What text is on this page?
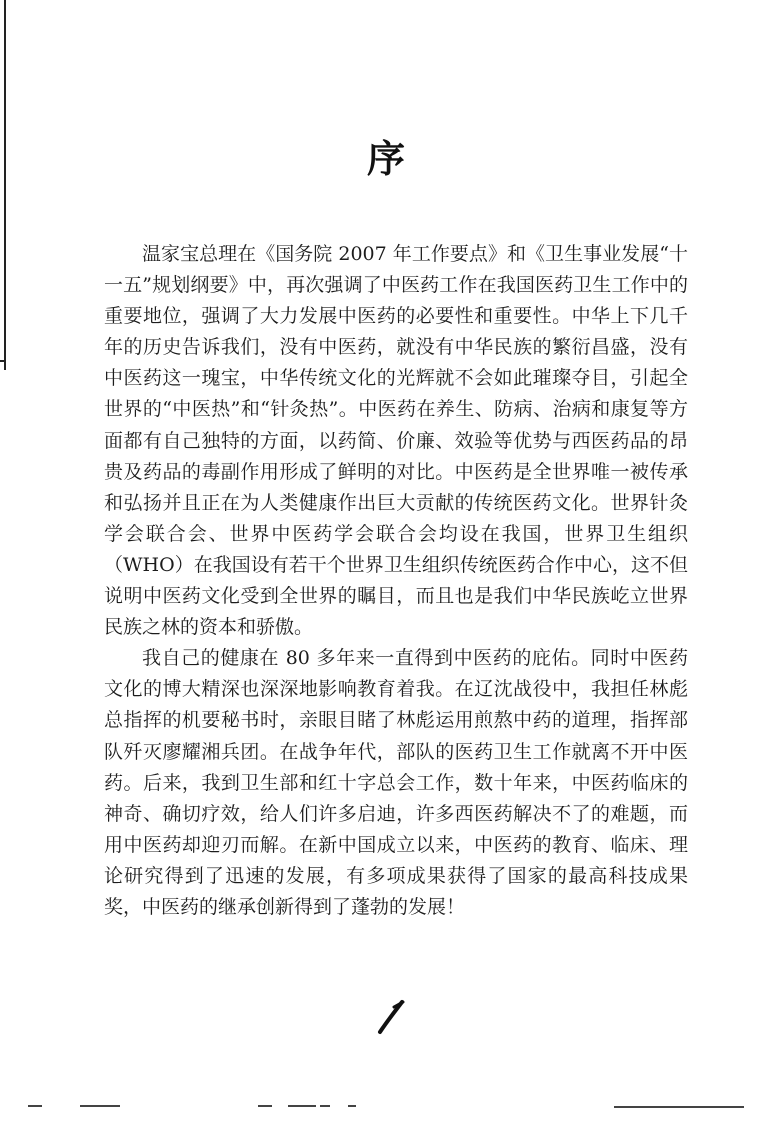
序

温家宝总理在《国务院 2007 年工作要点》和《卫生事业发展“十一五”规划纲要》中，再次强调了中医药工作在我国医药卫生工作中的重要地位，强调了大力发展中医药的必要性和重要性。中华上下几千年的历史告诉我们，没有中医药，就没有中华民族的繁衍昌盛，没有中医药这一瑰宝，中华传统文化的光辉就不会如此璀璨夺目，引起全世界的“中医热”和“针灸热”。中医药在养生、防病、治病和康复等方面都有自己独特的方面，以药简、价廉、效验等优势与西医药品的昂贵及药品的毒副作用形成了鲜明的对比。中医药是全世界唯一被传承和弘扬并且正在为人类健康作出巨大贡献的传统医药文化。世界针灸学会联合会、世界中医药学会联合会均设在我国，世界卫生组织（WHO）在我国设有若干个世界卫生组织传统医药合作中心，这不但说明中医药文化受到全世界的瞩目，而且也是我们中华民族屹立世界民族之林的资本和骄傲。

我自己的健康在 80 多年来一直得到中医药的庇佑。同时中医药文化的博大精深也深深地影响教育着我。在辽沈战役中，我担任林彪总指挥的机要秘书时，亲眼目睹了林彪运用煎熬中药的道理，指挥部队歼灭廖耀湘兵团。在战争年代，部队的医药卫生工作就离不开中医药。后来，我到卫生部和红十字总会工作，数十年来，中医药临床的神奇、确切疗效，给人们许多启迪，许多西医药解决不了的难题，而用中医药却迎刃而解。在新中国成立以来，中医药的教育、临床、理论研究得到了迅速的发展，有多项成果获得了国家的最高科技成果奖，中医药的继承创新得到了蓬勃的发展！
